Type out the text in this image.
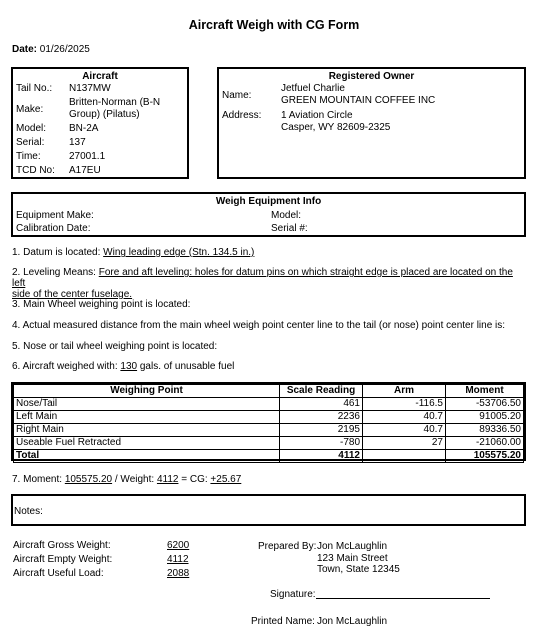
Aircraft Weigh with CG Form
Date: 01/26/2025
Aircraft
Tail No.: N137MW
Make:
Britten-Norman (B-N Group) (Pilatus)
Model: BN-2A
Serial: 137
Time:	27001.1
TCD No: A17EU
Registered Owner
Name:
Jetfuel Charlie
GREEN MOUNTAIN COFFEE INC
Address: 1 Aviation Circle
Casper, WY 82609-2325
Weigh Equipment Info
Equipment Make:
Calibration Date:
Model:
Serial #:
1. Datum is located: Wing leading edge (Stn. 134.5 in.)
2. Leveling Means: Fore and aft leveling: holes for datum pins on which straight edge is placed are located on the left
side of the center fuselage.
3. Main Wheel weighing point is located:
4. Actual measured distance from the main wheel weigh point center line to the tail (or nose) point center line is:
5. Nose or tail wheel weighing point is located:
6. Aircraft weighed with: 130 gals. of unusable fuel
Weighing Point	Scale Reading	Arm	Moment
Nose/Tail	461	-116.5	-53706.50
Left Main	2236	40.7	91005.20
Right Main	2195	40.7	89336.50
Useable Fuel Retracted	-780	27	-21060.00
Total	4112		105575.20
7. Moment: 105575.20 / Weight: 4112 = CG: +25.67
Notes:
Aircraft Gross Weight:	6200
Aircraft Empty Weight:	4112
Aircraft Useful Load:	2088
Prepared By: Jon McLaughlin
123 Main Street
Town, State 12345
Signature:
Printed Name: Jon McLaughlin
